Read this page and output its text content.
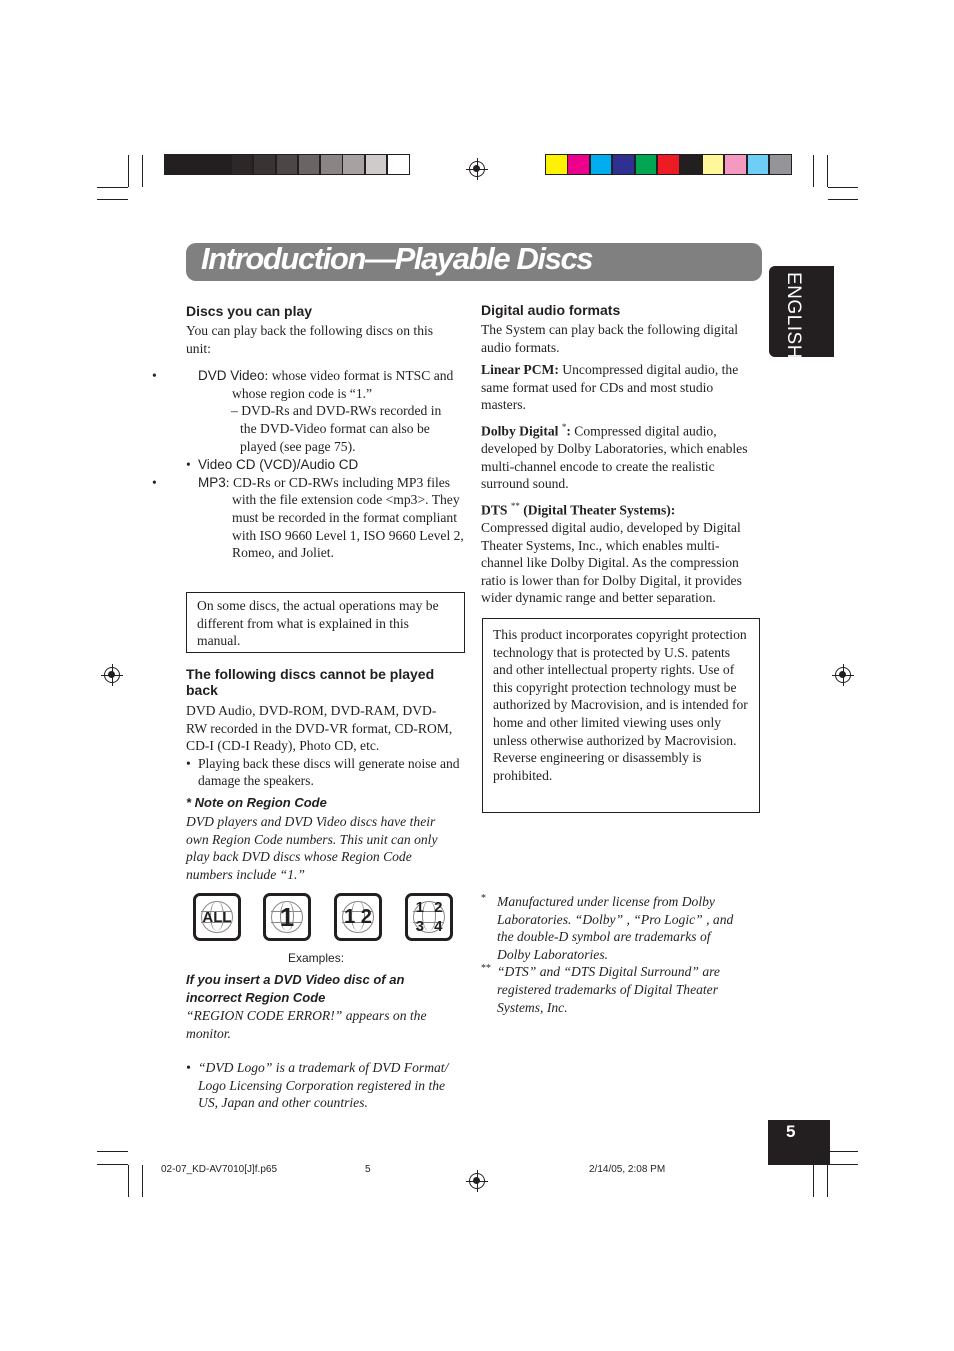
Introduction—Playable Discs
ENGLISH

Discs you can play

You can play back the following discs on this unit:

• DVD Video: whose video format is NTSC and whose region code is “1.”

– DVD-Rs and DVD-RWs recorded in the DVD-Video format can also be played (see page 75).

• Video CD (VCD)/Audio CD

• MP3: CD-Rs or CD-RWs including MP3 files with the file extension code <mp3>. They must be recorded in the format compliant with ISO 9660 Level 1, ISO 9660 Level 2, Romeo, and Joliet.

On some discs, the actual operations may be different from what is explained in this manual.

The following discs cannot be played back

DVD Audio, DVD-ROM, DVD-RAM, DVD-RW recorded in the DVD-VR format, CD-ROM, CD-I (CD-I Ready), Photo CD, etc.

• Playing back these discs will generate noise and damage the speakers.

* Note on Region Code

DVD players and DVD Video discs have their own Region Code numbers. This unit can only play back DVD discs whose Region Code numbers include “1.”

ALL	1	1 2	1 2 3 4
Examples:

If you insert a DVD Video disc of an incorrect Region Code

“REGION CODE ERROR!” appears on the monitor.

• “DVD Logo” is a trademark of DVD Format/ Logo Licensing Corporation registered in the US, Japan and other countries.

Digital audio formats

The System can play back the following digital audio formats.

Linear PCM: Uncompressed digital audio, the same format used for CDs and most studio masters.

Dolby Digital *: Compressed digital audio, developed by Dolby Laboratories, which enables multi-channel encode to create the realistic surround sound.

DTS ** (Digital Theater Systems):

Compressed digital audio, developed by Digital Theater Systems, Inc., which enables multi-channel like Dolby Digital. As the compression ratio is lower than for Dolby Digital, it provides wider dynamic range and better separation.

This product incorporates copyright protection technology that is protected by U.S. patents and other intellectual property rights. Use of this copyright protection technology must be authorized by Macrovision, and is intended for home and other limited viewing uses only unless otherwise authorized by Macrovision. Reverse engineering or disassembly is prohibited.

* Manufactured under license from Dolby Laboratories. “Dolby” , “Pro Logic” , and the double-D symbol are trademarks of Dolby Laboratories.

** “DTS” and “DTS Digital Surround” are registered trademarks of Digital Theater Systems, Inc.

5
02-07_KD-AV7010[J]f.p65	5	2/14/05, 2:08 PM
